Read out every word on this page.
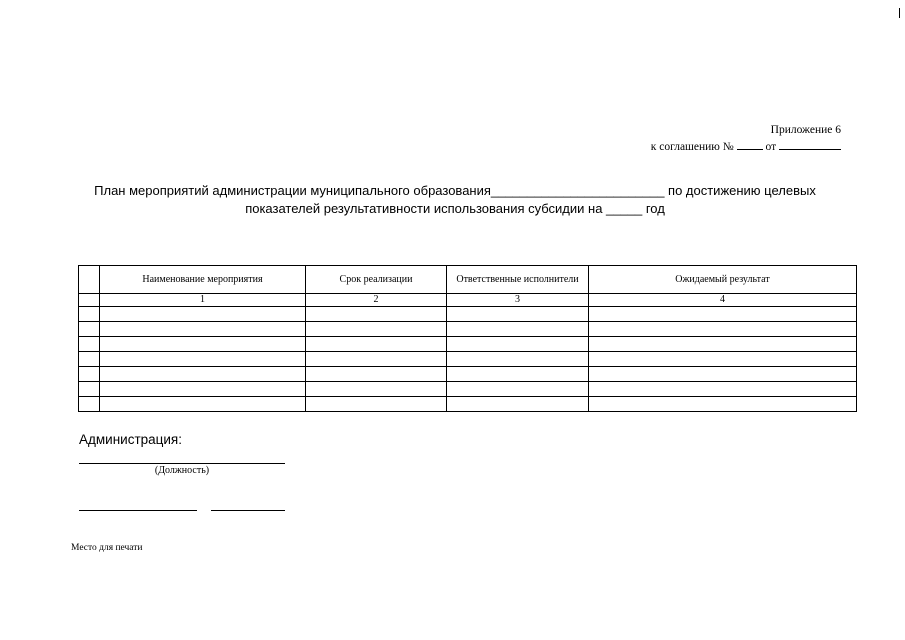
Приложение 6
к соглашению №	от
План мероприятий администрации муниципального образования________________________ по достижению целевых
показателей результативности использования субсидии на _____ год
	Наименование мероприятия	Срок реализации	Ответственные исполнители	Ожидаемый результат
	1	2	3	4

Администрация:
(Должность)
Место для печати
